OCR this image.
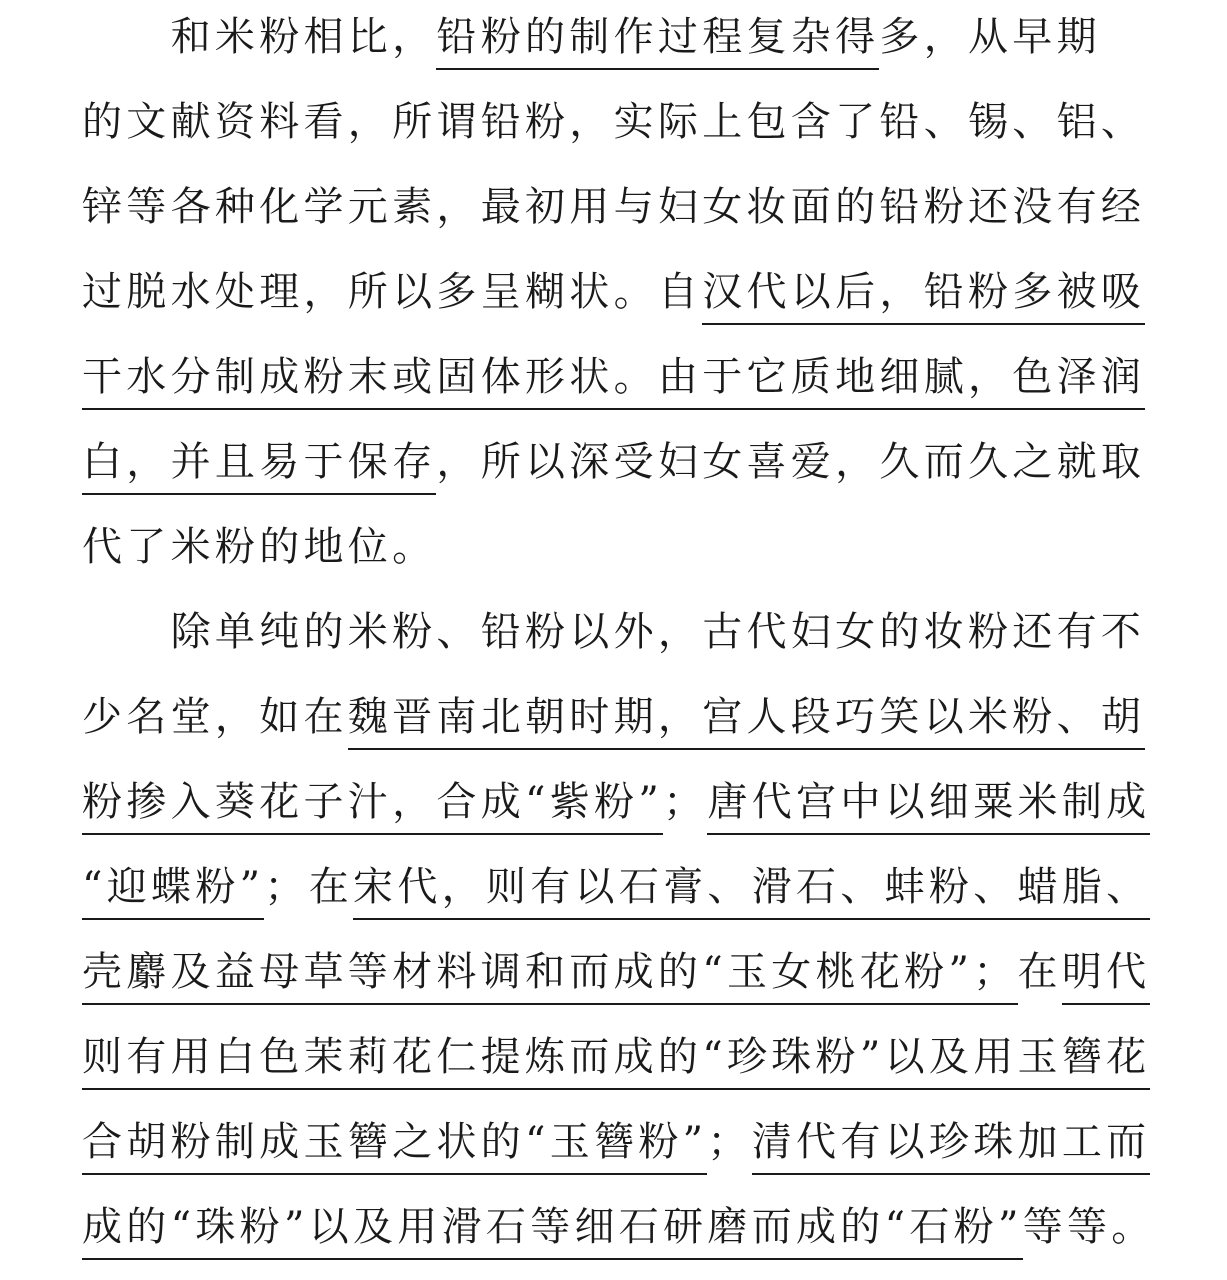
　　和米粉相比，铅粉的制作过程复杂得多，从早期
的文献资料看，所谓铅粉，实际上包含了铅、锡、铝、
锌等各种化学元素，最初用与妇女妆面的铅粉还没有经
过脱水处理，所以多呈糊状。自汉代以后，铅粉多被吸
干水分制成粉末或固体形状。由于它质地细腻，色泽润
白，并且易于保存，所以深受妇女喜爱，久而久之就取
代了米粉的地位。
　　除单纯的米粉、铅粉以外，古代妇女的妆粉还有不
少名堂，如在魏晋南北朝时期，宫人段巧笑以米粉、胡
粉掺入葵花子汁，合成“紫粉”；唐代宫中以细粟米制成
“迎蝶粉”；在宋代，则有以石膏、滑石、蚌粉、蜡脂、
壳麝及益母草等材料调和而成的“玉女桃花粉”；在明代
则有用白色茉莉花仁提炼而成的“珍珠粉”以及用玉簪花
合胡粉制成玉簪之状的“玉簪粉”；清代有以珍珠加工而
成的“珠粉”以及用滑石等细石研磨而成的“石粉”等等。
